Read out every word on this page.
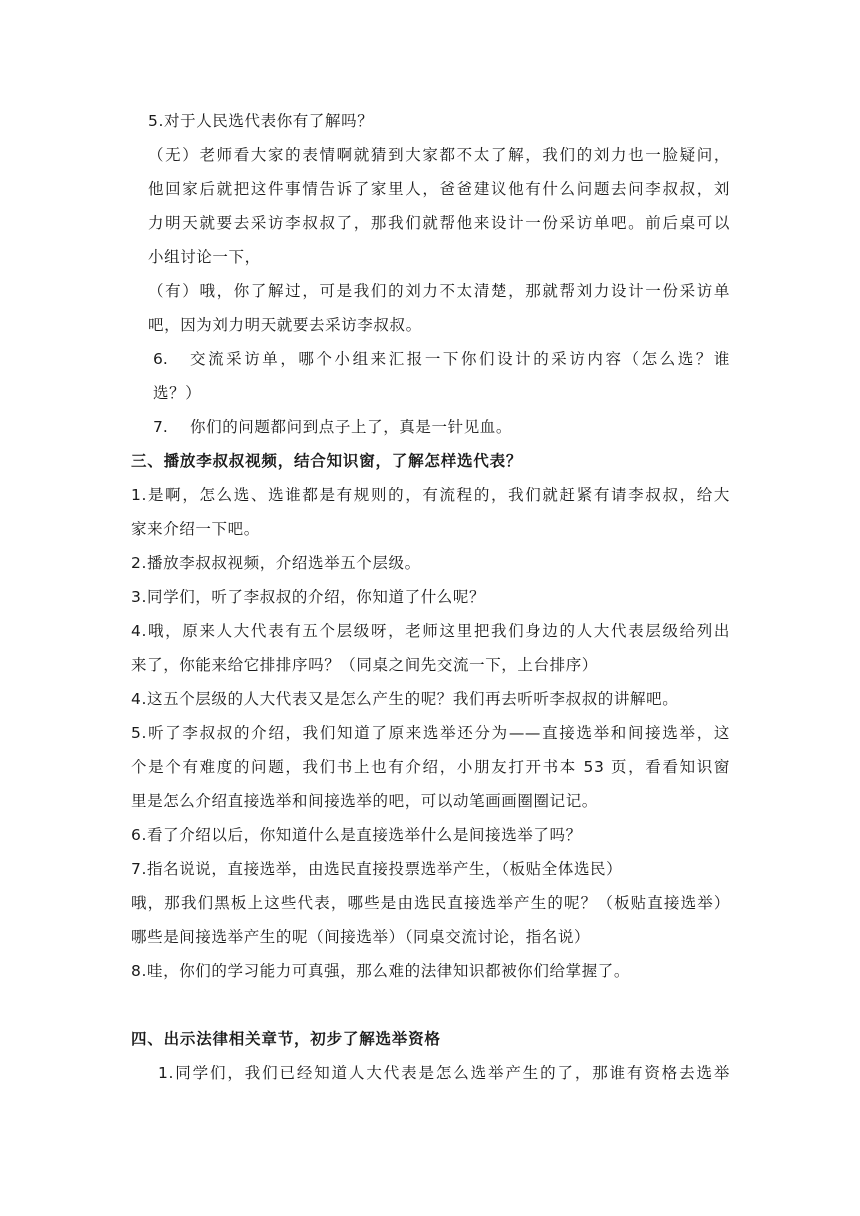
5.对于人民选代表你有了解吗？
（无）老师看大家的表情啊就猜到大家都不太了解，我们的刘力也一脸疑问，
他回家后就把这件事情告诉了家里人，爸爸建议他有什么问题去问李叔叔，刘
力明天就要去采访李叔叔了，那我们就帮他来设计一份采访单吧。前后桌可以
小组讨论一下，
（有）哦，你了解过，可是我们的刘力不太清楚，那就帮刘力设计一份采访单
吧，因为刘力明天就要去采访李叔叔。
6. 交流采访单，哪个小组来汇报一下你们设计的采访内容（怎么选？谁
选？）
7. 你们的问题都问到点子上了，真是一针见血。
三、播放李叔叔视频，结合知识窗，了解怎样选代表？
1.是啊，怎么选、选谁都是有规则的，有流程的，我们就赶紧有请李叔叔，给大
家来介绍一下吧。
2.播放李叔叔视频，介绍选举五个层级。
3.同学们，听了李叔叔的介绍，你知道了什么呢？
4.哦，原来人大代表有五个层级呀，老师这里把我们身边的人大代表层级给列出
来了，你能来给它排排序吗？（同桌之间先交流一下，上台排序）
4.这五个层级的人大代表又是怎么产生的呢？我们再去听听李叔叔的讲解吧。
5.听了李叔叔的介绍，我们知道了原来选举还分为——直接选举和间接选举，这
个是个有难度的问题，我们书上也有介绍，小朋友打开书本 53 页，看看知识窗
里是怎么介绍直接选举和间接选举的吧，可以动笔画画圈圈记记。
6.看了介绍以后，你知道什么是直接选举什么是间接选举了吗？
7.指名说说，直接选举，由选民直接投票选举产生，（板贴全体选民）
哦，那我们黑板上这些代表，哪些是由选民直接选举产生的呢？（板贴直接选举）
哪些是间接选举产生的呢（间接选举）（同桌交流讨论，指名说）
8.哇，你们的学习能力可真强，那么难的法律知识都被你们给掌握了。
四、出示法律相关章节，初步了解选举资格
1.同学们，我们已经知道人大代表是怎么选举产生的了，那谁有资格去选举
